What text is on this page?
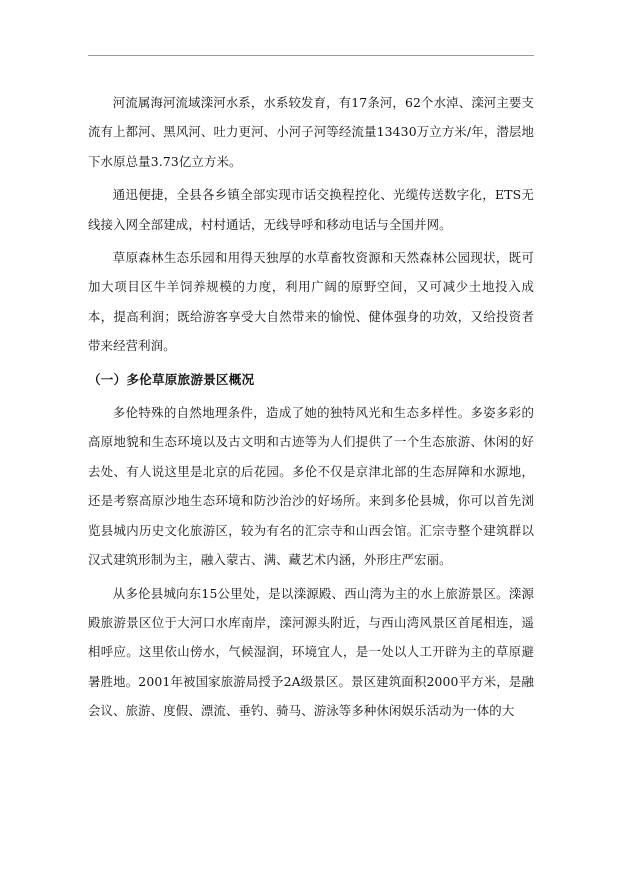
河流属海河流域滦河水系，水系较发育，有17条河，62个水淖、滦河主要支流有上都河、黑风河、吐力更河、小河子河等经流量13430万立方米/年，潜层地下水原总量3.73亿立方米。

通迅便捷，全县各乡镇全部实现市话交换程控化、光缆传送数字化，ETS无线接入网全部建成，村村通话，无线导呼和移动电话与全国并网。

草原森林生态乐园和用得天独厚的水草畜牧资源和天然森林公园现状，既可加大项目区牛羊饲养规模的力度，利用广阔的原野空间，又可减少土地投入成本，提高利润；既给游客享受大自然带来的愉悦、健体强身的功效，又给投资者带来经营利润。

（一）多伦草原旅游景区概况

多伦特殊的自然地理条件，造成了她的独特风光和生态多样性。多姿多彩的高原地貌和生态环境以及古文明和古迹等为人们提供了一个生态旅游、休闲的好去处、有人说这里是北京的后花园。多伦不仅是京津北部的生态屏障和水源地，还是考察高原沙地生态环境和防沙治沙的好场所。来到多伦县城，你可以首先浏览县城内历史文化旅游区，较为有名的汇宗寺和山西会馆。汇宗寺整个建筑群以汉式建筑形制为主，融入蒙古、满、藏艺术内涵，外形庄严宏丽。

从多伦县城向东15公里处，是以滦源殿、西山湾为主的水上旅游景区。滦源殿旅游景区位于大河口水库南岸，滦河源头附近，与西山湾风景区首尾相连，遥相呼应。这里依山傍水，气候湿润，环境宜人，是一处以人工开辟为主的草原避暑胜地。2001年被国家旅游局授予2A级景区。景区建筑面积2000平方米，是融会议、旅游、度假、漂流、垂钓、骑马、游泳等多种休闲娱乐活动为一体的大
